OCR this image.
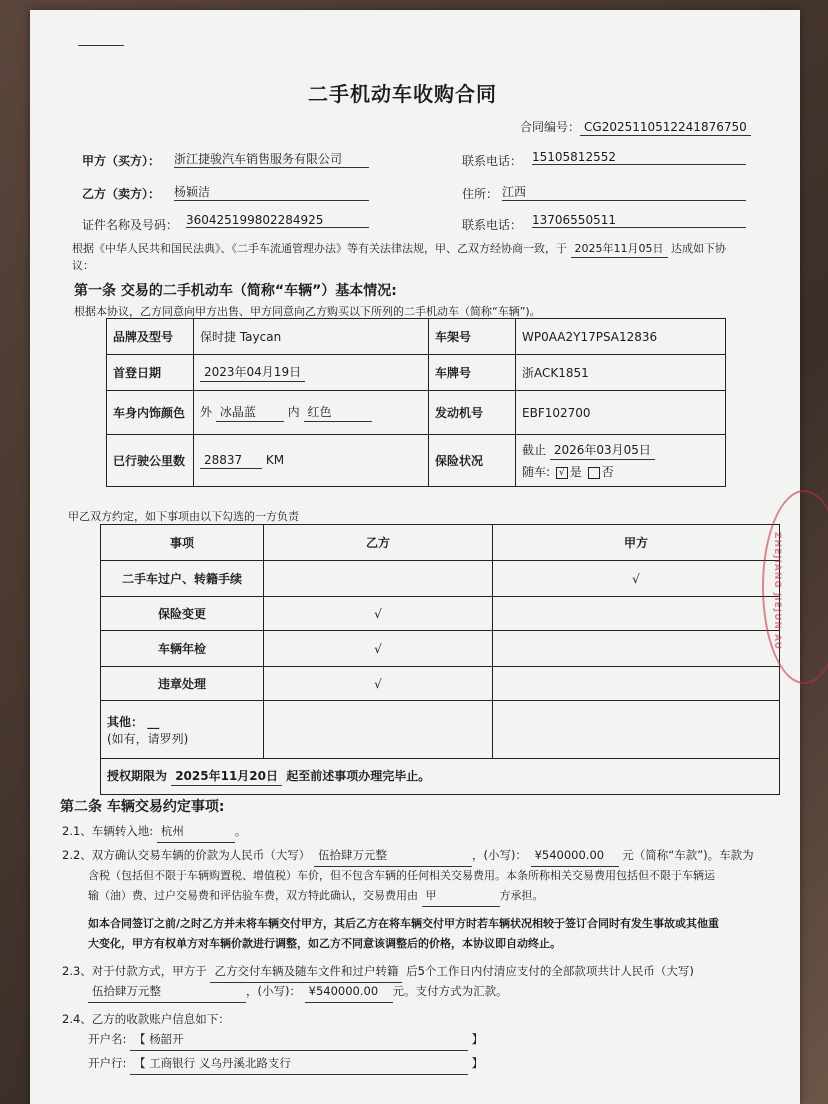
二手机动车收购合同
合同编号： CG2025110512241876750
甲方（买方）： 浙江捷骏汽车销售服务有限公司	联系电话： 15105812552
乙方（卖方）： 杨颖洁	住所： 江西
证件名称及号码： 360425199802284925	联系电话： 13706550511
根据《中华人民共和国民法典》、《二手车流通管理办法》等有关法律法规，甲、乙双方经协商一致，于 2025年11月05日 达成如下协
议：
第一条 交易的二手机动车（简称“车辆”）基本情况:
根据本协议，乙方同意向甲方出售、甲方同意向乙方购买以下所列的二手机动车（简称“车辆”)。
品牌及型号	保时捷 Taycan	车架号	WP0AA2Y17PSA12836
首登日期	2023年04月19日	车牌号	浙ACK1851
车身内饰颜色	外 冰晶蓝 内 红色	发动机号	EBF102700
已行驶公里数	28837 KM	保险状况	截止 2026年03月05日
随车: √ 是 否
甲乙双方约定，如下事项由以下勾选的一方负责
事项	乙方	甲方
二手车过户、转籍手续		√
保险变更	√	
车辆年检	√	
违章处理	√	

其他： __
(如有，请罗列)		

授权期限为 2025年11月20日 起至前述事项办理完毕止。		
第二条 车辆交易约定事项:
2.1、车辆转入地: 杭州	。
2.2、双方确认交易车辆的价款为人民币（大写） 伍拾肆万元整	，(小写)： ¥540000.00 元（简称“车款”)。车款为
含税（包括但不限于车辆购置税、增值税）车价，但不包含车辆的任何相关交易费用。本条所称相关交易费用包括但不限于车辆运
输（油）费、过户交易费和评估验车费，双方特此确认，交易费用由 甲	方承担。
如本合同签订之前/之时乙方并未将车辆交付甲方，其后乙方在将车辆交付甲方时若车辆状况相较于签订合同时有发生事故或其他重
大变化，甲方有权单方对车辆价款进行调整，如乙方不同意该调整后的价格，本协议即自动终止。
2.3、对于付款方式，甲方于 乙方交付车辆及随车文件和过户转籍 后5个工作日内付清应支付的全部款项共计人民币（大写)
伍拾肆万元整	，(小写)： ¥540000.00 元。支付方式为汇款。
2.4、乙方的收款账户信息如下：
开户名: 【 杨韶开	】
开户行: 【 工商银行 义乌丹溪北路支行	】
ZHEJIANG JIEJUN AU
